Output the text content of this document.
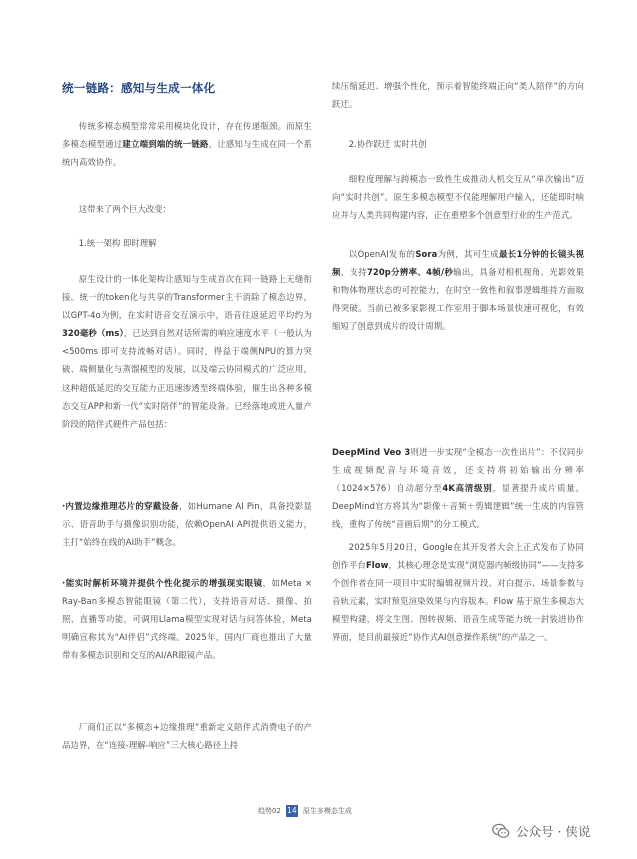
统一链路：感知与生成一体化

传统多模态模型常常采用模块化设计，存在传递瓶颈。而原生多模态模型通过建立端到端的统一链路，让感知与生成在同一个系统内高效协作。

这带来了两个巨大改变：

1.统一架构 即时理解

原生设计的一体化架构让感知与生成首次在同一链路上无缝衔接。统一的token化与共享的Transformer主干消除了模态边界，以GPT-4o为例，在实时语音交互演示中，语音往返延迟平均约为320毫秒（ms），已达到自然对话所需的响应速度水平（一般认为<500ms 即可支持流畅对话）。同时，得益于端侧NPU的算力突破、端侧量化与蒸馏模型的发展，以及端云协同模式的广泛应用，这种超低延迟的交互能力正迅速渗透至终端体验，催生出各种多模态交互APP和新一代“实时陪伴”的智能设备。已经落地或进入量产阶段的陪伴式硬件产品包括：

·内置边缘推理芯片的穿戴设备，如Humane AI Pin，具备投影显示、语音助手与摄像识别功能，依赖OpenAI API提供语义能力，主打“始终在线的AI助手”概念。

·能实时解析环境并提供个性化提示的增强现实眼镜，如Meta × Ray-Ban多模态智能眼镜（第二代），支持语音对话、摄像、拍照、直播等功能，可调用Llama模型实现对话与问答体验，Meta明确宣称其为“AI伴侣”式终端。2025年，国内厂商也推出了大量带有多模态识别和交互的AI/AR眼镜产品。

厂商们正以“多模态+边缘推理”重新定义陪伴式消费电子的产品边界，在“连接-理解-响应”三大核心路径上持

续压缩延迟、增强个性化，预示着智能终端正向“类人陪伴”的方向跃迁。

2.协作跃迁 实时共创

细粒度理解与跨模态一致性生成推动人机交互从“单次输出”迈向“实时共创”。原生多模态模型不仅能理解用户输入，还能即时响应并与人类共同构建内容，正在重塑多个创意型行业的生产范式。

以OpenAI发布的Sora为例，其可生成最长1分钟的长镜头视频，支持720p分辨率、4帧/秒输出，具备对相机视角、光影效果和物体物理状态的可控能力，在时空一致性和叙事逻辑维持方面取得突破。当前已被多家影视工作室用于脚本场景快速可视化，有效缩短了创意到成片的设计周期。

DeepMind Veo 3则进一步实现“全模态一次性出片”：不仅同步生成视频配音与环境音效，还支持将初始输出分辨率（1024×576）自动超分至4K高清级别，显著提升成片质量。DeepMind官方将其为“影像＋音频＋剪辑逻辑”统一生成的内容管线，重构了传统“音画后期”的分工模式。

2025年5月20日，Google在其开发者大会上正式发布了协同创作平台Flow，其核心理念是实现“浏览器内帧级协同”——支持多个创作者在同一项目中实时编辑视频片段、对白提示、场景参数与音轨元素，实时预览渲染效果与内容版本。Flow 基于原生多模态大模型构建，将文生图、图转视频、语音生成等能力统一封装进协作界面，是目前最接近“协作式AI创意操作系统”的产品之一。

趋势02 14 原生多模态生成
公众号 · 侠说
